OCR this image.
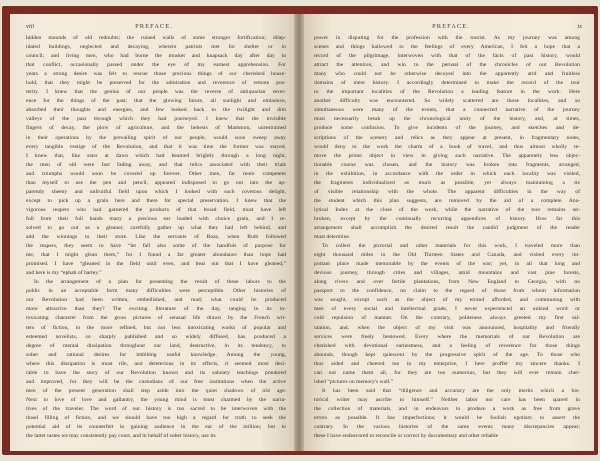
viii	PREFACE.
hidden mounds of old redoubts; the ruined walls of some stronger fortification; dilap-
idated buildings, neglected and decaying, wherein patriots met for shelter or in
council; and living men, who had borne the musket and knapsack day after day in
that conflict, occasionally passed under the eye of my earnest apprehension. For
years a strong desire was felt to rescue those precious things of our cherished house-
hold, that they might be preserved for the admiration and reverence of remote pos-
terity. I knew that the genius of our people was the reverse of antiquarian rever-
ence for the things of the past; that the glowing future, all sunlight and eminence,
absorbed their thoughts and energies, and few looked back to the twilight and dim
valleys of the past through which they had journeyed. I knew that the invisible
fingers of decay, the plow of agriculture, and the behests of Mammon, unrestrained
in their operations by the prevailing spirit of our people, would soon sweep away
every tangible vestige of the Revolution, and that it was time the former was stayed.
I knew that, like stars at dawn which had beamed brightly through a long night,
the men of old were fast fading away, and that relics associated with their trials
and triumphs would soon be covered up forever. Other men, far more competent
than myself to use the pen and pencil, appeared indisposed to go out into the ap-
parently sheeny and unfruitful field upon which I looked with such covetous delight,
except to pick up a grain here and there for special preservation. I knew that the
vigorous reapers who had garnered the products of that broad field, must have left
full from their full hands many a precious ear loaded with choice grain, and I re-
solved to go out as a gleaner, carefully gather up what they had left behind, and
add the winnings to their store. Like the servants of Boaz, when Ruth followed
the reapers, they seem to have “let fall also some of the handfuls of purpose for
me, that I might glean them,” for I found a far greater abundance than hope had
promised. I have “gleaned in the field until even, and beat out that I have gleaned,”
and here is my “ephah of barley.”
In the arrangement of a plan for presenting the result of these labors to the
public in an acceptable form many difficulties were perceptible. Other histories of
our Revolution had been written, embellished, and read; what could be produced
more attractive than they? The exciting literature of the day, ranging in its in-
toxicating character from the gross pictures of sensual life drawn by the French wri-
ters of fiction, to the more refined, but not less intoxicating works of popular and
esteemed novelists, so sharply published and so widely diffused, has produced a
degree of mental dissipation throughout our land, destructive, in its tendency, to
sober and rational desires for imbibing useful knowledge. Among the young,
where this dissipation is most rife, and deleterious in its effects, it seemed most desi-
rable to have the story of our Revolution known and its salutary teachings pondered
and improved, for they will be the custodians of our free institutions when the active
men of the present generation shall step aside into the quiet shadows of old age.
Next to love of love and gallantry, the young mind is most charmed by the narra-
tives of the traveler. The word of our history is too sacred to be interwoven with the
tinsel filling of fiction, and we should have too high a regard for truth to seek the
potential aid of its counterfeit in gaining audience in the ear of the million; but to
the latter tastes we may consistently pay court, and in behalf of sober history, use its
PREFACE.	ix
power in disputing for the profession with the tourist. As my journey was among
scenes and things hallowed to the feelings of every American, I felt a hope that a
record of the pilgrimage, interwoven with that of the facts of past history, would
attract the attention, and win to the perusal of the chronicles of our Revolution
many who could not be otherwise decoyed into the apparently arid and fruitless
domains of mere history. I accordingly determined to make the record of the tour
to the important localities of the Revolution a leading feature in the work. Here
another difficulty was encountered. So widely scattered are those localities, and so
simultaneous were many of the events, that a connected narrative of the journey
must necessarily break up the chronological unity of the history, and, at times,
produce some confusion. To give incidents of the journey, and sketches and de-
scriptions of the scenery and relics as they appear at present, in fragmentary notes,
would deny to the work the charm of a book of travel, and thus almost wholly re-
move the prime object in view in giving such narrative. The apparently less objec-
tionable course was chosen, and the history was broken into fragments, arranged,
in the exhibition, in accordance with the order in which each locality was visited,
the fragments individualized as much as possible, yet always maintaining a tie
of visible relationship with the whole. The apparent difficulties in the way of
the student which this plan suggests, are removed by the aid of a complete Ana-
lytical Index at the close of the work, while the narrative of the tour remains un-
broken, except by the continually recurring appendices of history. How far this
arrangement shall accomplish the desired result the candid judgment of the reader
must determine.
To collect the pictorial and other materials for this work, I traveled more than
eight thousand miles in the Old Thirteen States and Canada, and visited every im-
portant place made memorable by the events of the war; yet, in all that long and
devious journey, through cities and villages, amid mountains and vast pine forests,
along rivers and over fertile plantations, from New England to Georgia, with no
passport to the confidence, no claim to the regard of those from whom information
was sought, except such as the object of my errand afforded, and communing with
men of every social and intellectual grade, I never experienced an unkind word or
cold repulsion of manner. On the contrary, politeness always greeted my first sal-
utation, and, when the object of my visit was announced, hospitality and friendly
services were freely bestowed. Every where the memorials of our Revolution are
cherished with devotional earnestness, and a feeling of reverence for those things
abounds, though kept quiescent by the progressive spirit of the age. To those who
thus aided and cheered me in my enterprise, I here proffer my sincere thanks. I
can not name them all, for they are too numerous, but they will ever remain cher-
ished “pictures on memory's wall.”
It has been said that “diligence and accuracy are the only merits which a his-
torical writer may ascribe to himself.” Neither labor nor care has been spared in
the collection of materials, and in endeavors to produce a work as free from grave
errors as possible. It has imperfections; it would be foolish egotism to assert the
contrary. In the various histories of the same events many discrepancies appear;
these I have endeavored to reconcile or correct by documentary and other reliable
